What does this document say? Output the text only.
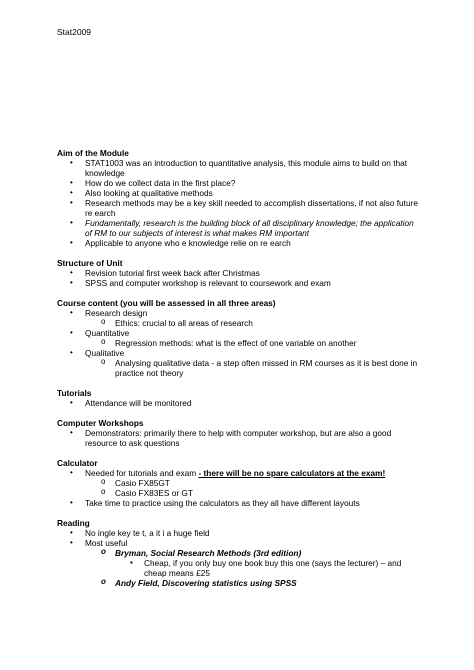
Stat2009

Aim of the Module

• STAT1003 was an introduction to quantitative analysis, this module aims to build on that knowledge
• How do we collect data in the first place?
• Also looking at qualitative methods
• Research methods may be a key skill needed to accomplish dissertations, if not also future re earch
• Fundamentally, research is the building block of all disciplinary knowledge; the application of RM to our subjects of interest is what makes RM important
• Applicable to anyone who e knowledge relie on re earch

Structure of Unit

• Revision tutorial first week back after Christmas
• SPSS and computer workshop is relevant to coursework and exam

Course content (you will be assessed in all three areas)

• Research design
o Ethics: crucial to all areas of research
• Quantitative
o Regression methods: what is the effect of one variable on another
• Qualitative
o Analysing qualitative data - a step often missed in RM courses as it is best done in practice not theory

Tutorials

• Attendance will be monitored

Computer Workshops

• Demonstrators: primarily there to help with computer workshop, but are also a good resource to ask questions

Calculator

• Needed for tutorials and exam - there will be no spare calculators at the exam!
o Casio FX85GT
o Casio FX83ES or GT
• Take time to practice using the calculators as they all have different layouts

Reading

• No ingle key te t, a it i a huge field
• Most useful
o Bryman, Social Research Methods (3rd edition)
▪ Cheap, if you only buy one book buy this one (says the lecturer) – and cheap means £25
o Andy Field, Discovering statistics using SPSS
